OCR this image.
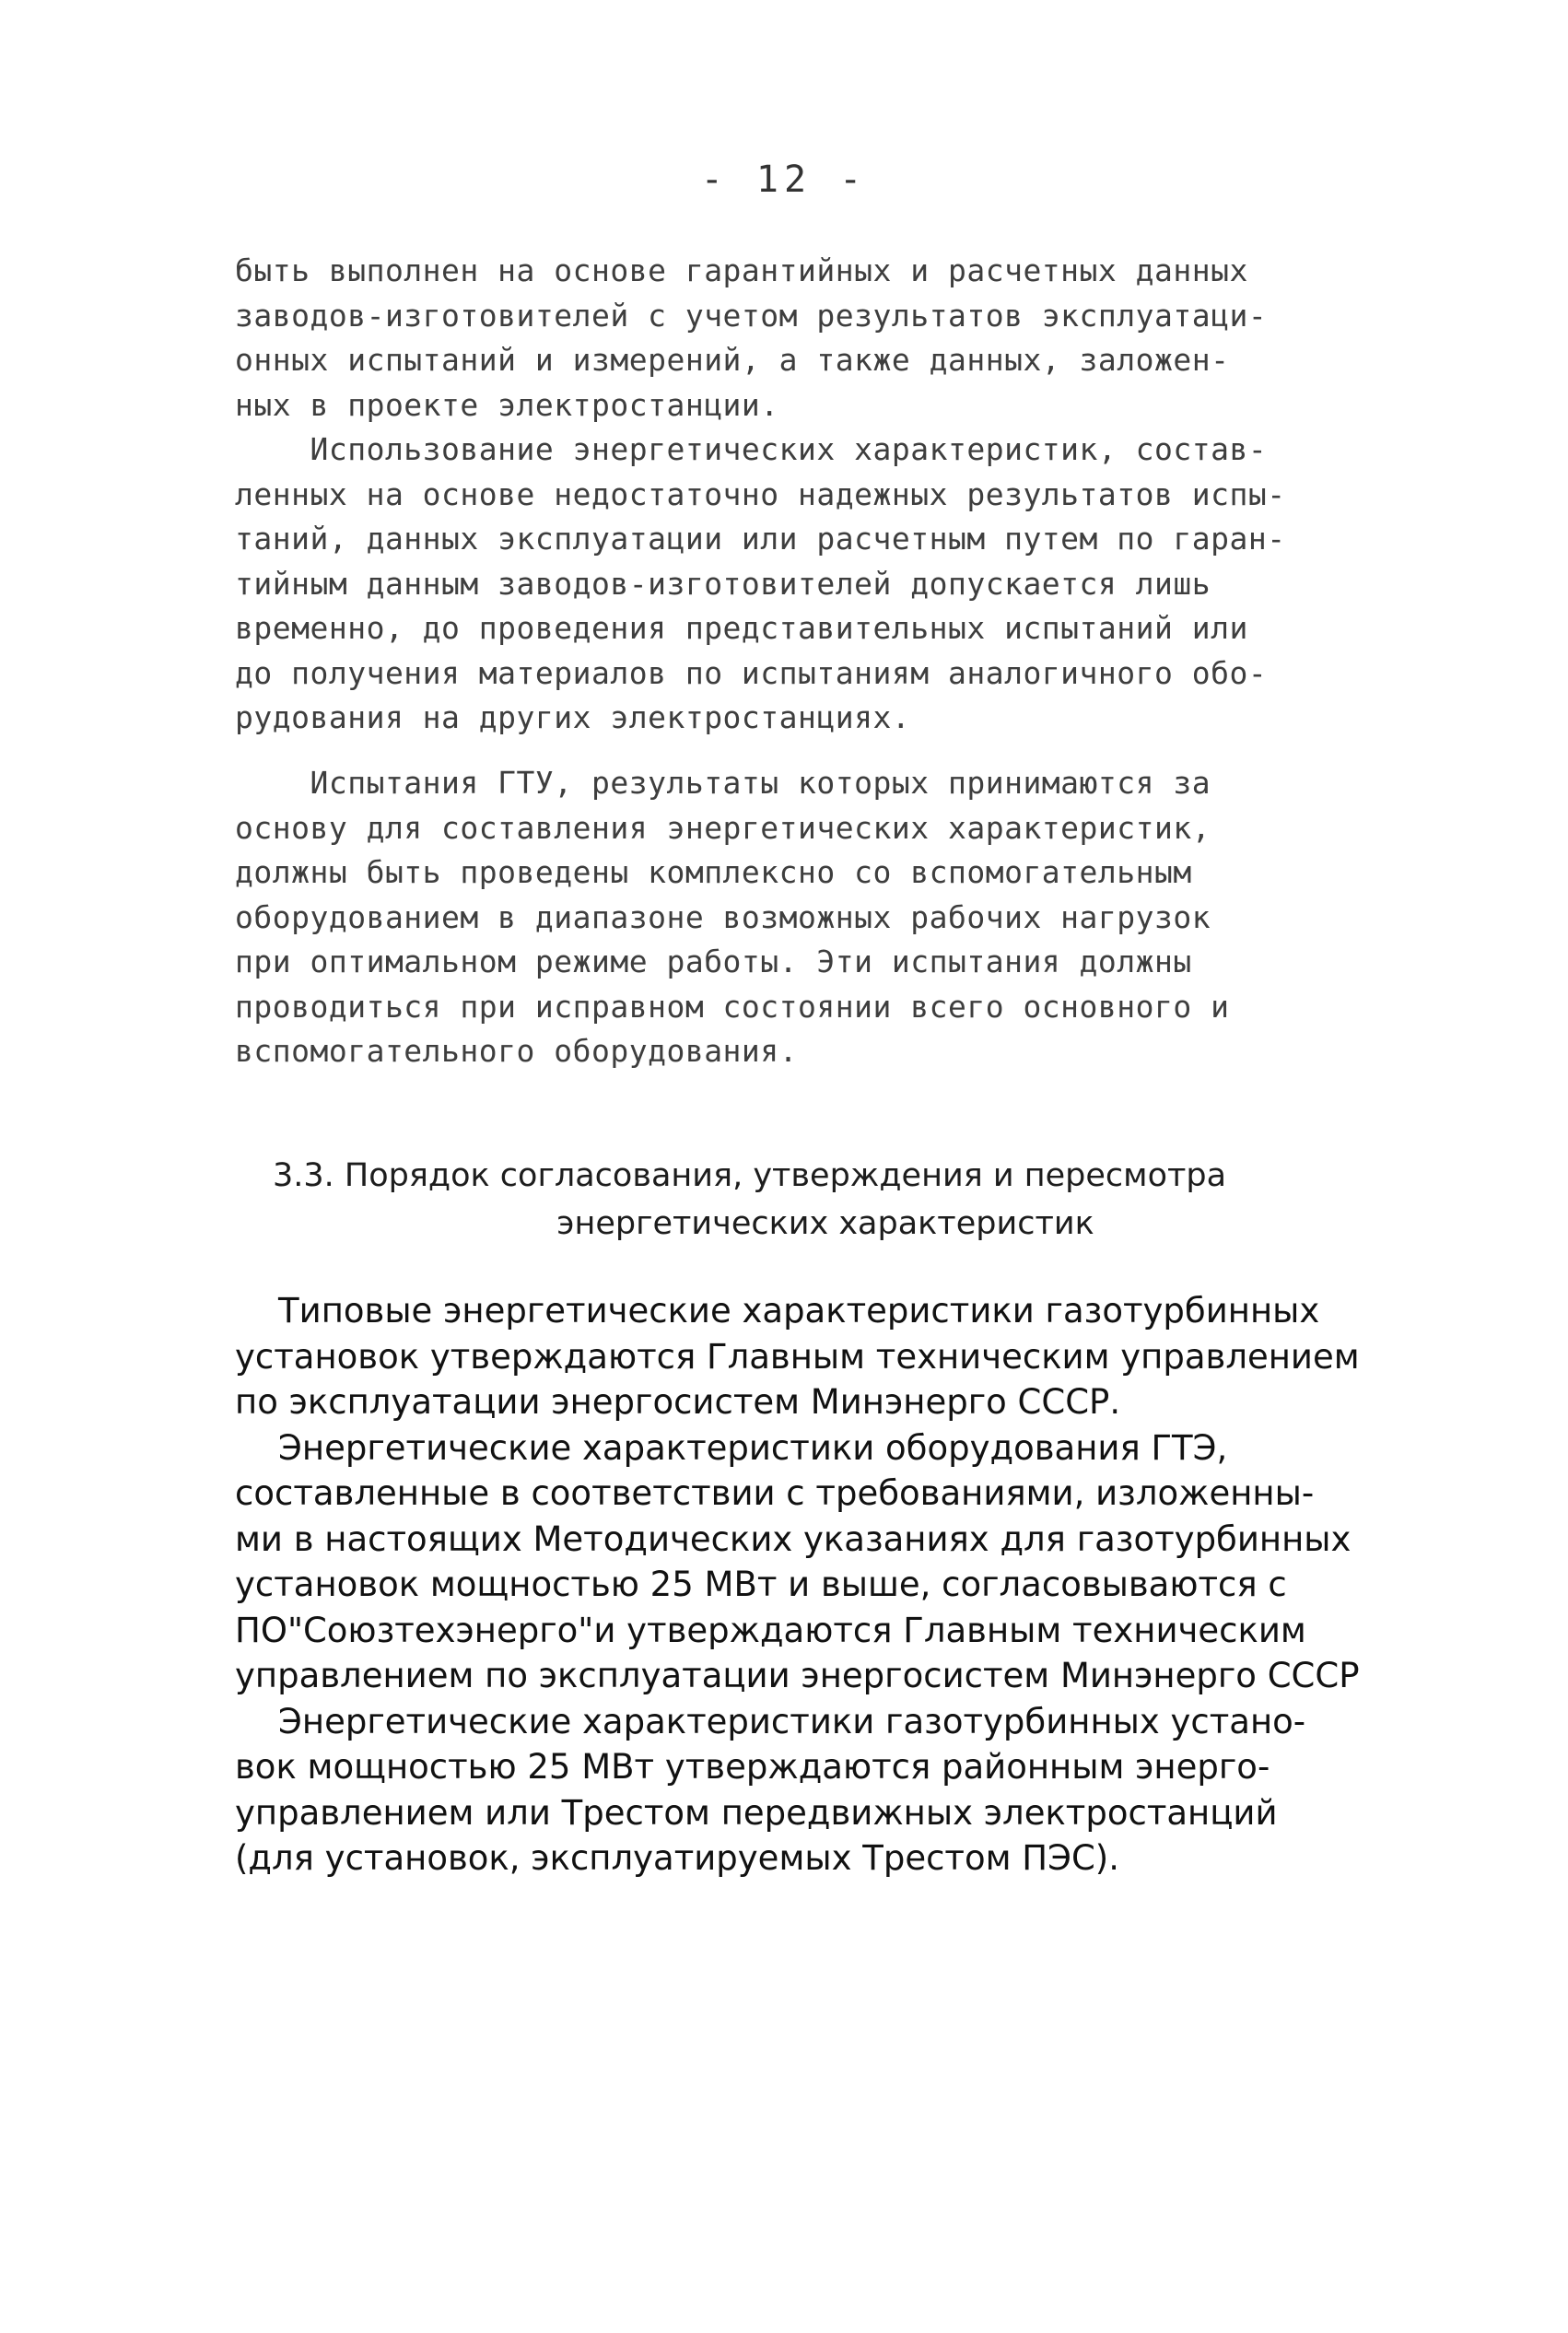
- 12 -
быть выполнен на основе гарантийных и расчетных данных
заводов-изготовителей с учетом результатов эксплуатаци-
онных испытаний и измерений, а также данных, заложен-
ных в проекте электростанции.
Использование энергетических характеристик, состав-
ленных на основе недостаточно надежных результатов испы-
таний, данных эксплуатации или расчетным путем по гаран-
тийным данным заводов-изготовителей допускается лишь
временно, до проведения представительных испытаний или
до получения материалов по испытаниям аналогичного обо-
рудования на других электростанциях.
Испытания ГТУ, результаты которых принимаются за
основу для составления энергетических характеристик,
должны быть проведены комплексно со вспомогательным
оборудованием в диапазоне возможных рабочих нагрузок
при оптимальном режиме работы. Эти испытания должны
проводиться при исправном состоянии всего основного и
вспомогательного оборудования.
3.3. Порядок согласования, утверждения и пересмотра
энергетических характеристик
Типовые энергетические характеристики газотурбинных
установок утверждаются Главным техническим управлением
по эксплуатации энергосистем Минэнерго СССР.
Энергетические характеристики оборудования ГТЭ,
составленные в соответствии с требованиями, изложенны-
ми в настоящих Методических указаниях для газотурбинных
установок мощностью 25 МВт и выше, согласовываются с
ПО"Союзтехэнерго"и утверждаются Главным техническим
управлением по эксплуатации энергосистем Минэнерго СССР
Энергетические характеристики газотурбинных устано-
вок мощностью 25 МВт утверждаются районным энерго-
управлением или Трестом передвижных электростанций
(для установок, эксплуатируемых Трестом ПЭС).
